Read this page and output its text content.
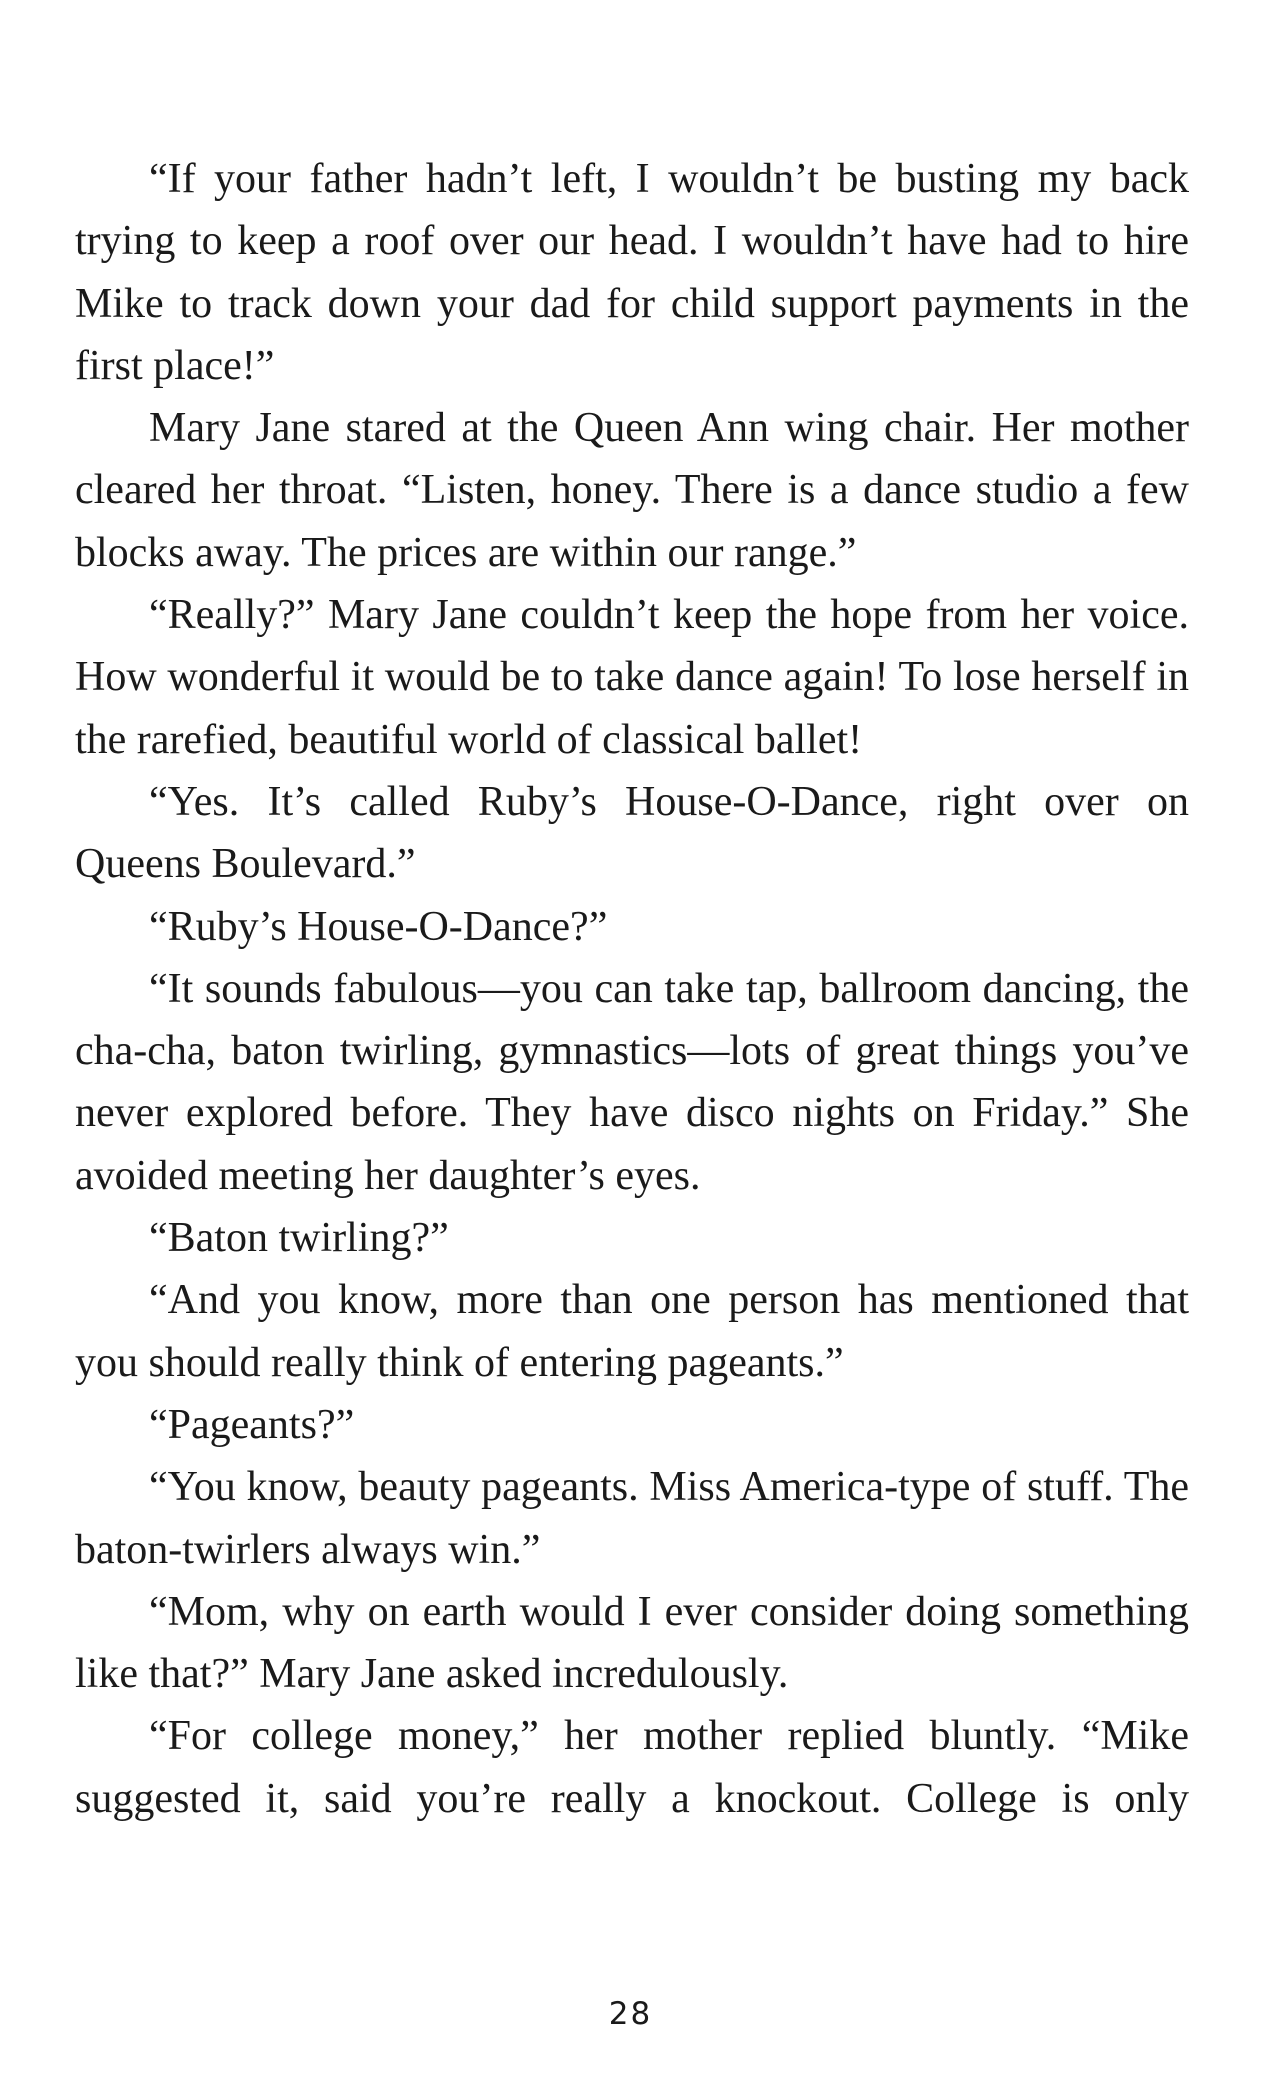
“If your father hadn’t left, I wouldn’t be busting my back trying to keep a roof over our head. I wouldn’t have had to hire Mike to track down your dad for child support payments in the first place!”

Mary Jane stared at the Queen Ann wing chair. Her mother cleared her throat. “Listen, honey. There is a dance studio a few blocks away. The prices are within our range.”

“Really?” Mary Jane couldn’t keep the hope from her voice. How wonderful it would be to take dance again! To lose herself in the rarefied, beautiful world of classical ballet!

“Yes. It’s called Ruby’s House-O-Dance, right over on Queens Boulevard.”

“Ruby’s House-O-Dance?”

“It sounds fabulous—you can take tap, ballroom dancing, the cha-cha, baton twirling, gymnastics—lots of great things you’ve never explored before. They have disco nights on Friday.” She avoided meeting her daughter’s eyes.

“Baton twirling?”

“And you know, more than one person has mentioned that you should really think of entering pageants.”

“Pageants?”

“You know, beauty pageants. Miss America-type of stuff. The baton-twirlers always win.”

“Mom, why on earth would I ever consider doing something like that?” Mary Jane asked incredulously.

“For college money,” her mother replied bluntly. “Mike suggested it, said you’re really a knockout. College is only

28
